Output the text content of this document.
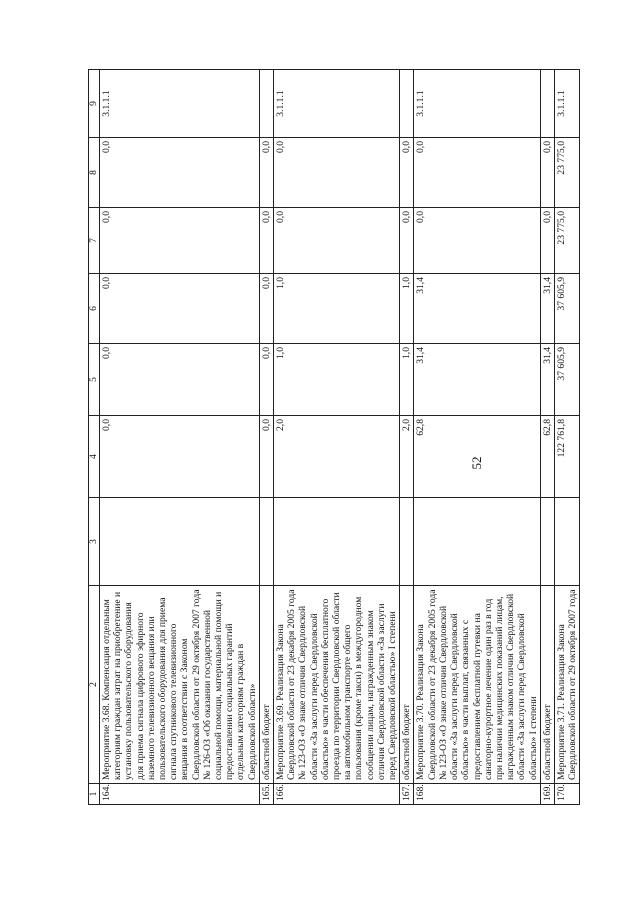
52
1	2	3	4	5	6	7	8	9
164.	Мероприятие 3.68. Компенсация отдельным категориям граждан затрат на приобретение и установку пользовательского оборудования для приема сигнала цифрового эфирного наземного телевизионного вещания или пользовательского оборудования для приема сигнала спутникового телевизионного вещания в соответствии с Законом Свердловской области от 29 октября 2007 года № 126-ОЗ «Об оказании государственной социальной помощи, материальной помощи и предоставлении социальных гарантий отдельным категориям граждан в Свердловской области»		0,0	0,0	0,0	0,0	0,0	3.1.1.1
165.	областной бюджет		0,0	0,0	0,0	0,0	0,0	
166.	Мероприятие 3.69. Реализация Закона Свердловской области от 23 декабря 2005 года № 123-ОЗ «О знаке отличия Свердловской области «За заслуги перед Свердловской областью» в части обеспечения бесплатного проезда по территории Свердловской области на автомобильном транспорте общего пользования (кроме такси) в междугородном сообщении лицам, награжденным знаком отличия Свердловской области «За заслуги перед Свердловской областью» I степени		2,0	1,0	1,0	0,0	0,0	3.1.1.1
167.	областной бюджет		2,0	1,0	1,0	0,0	0,0	
168.	Мероприятие 3.70. Реализация Закона Свердловской области от 23 декабря 2005 года № 123-ОЗ «О знаке отличия Свердловской области «За заслуги перед Свердловской областью» в части выплат, связанных с предоставлением бесплатной путевки на санаторно-курортное лечение один раз в год при наличии медицинских показаний лицам, награжденным знаком отличия Свердловской области «За заслуги перед Свердловской областью» I степени		62,8	31,4	31,4	0,0	0,0	3.1.1.1
169.	областной бюджет		62,8	31,4	31,4	0,0	0,0	
170.	Мероприятие 3.71. Реализация Закона Свердловской области от 29 октября 2007 года		122 761,8	37 605,9	37 605,9	23 775,0	23 775,0	3.1.1.1
